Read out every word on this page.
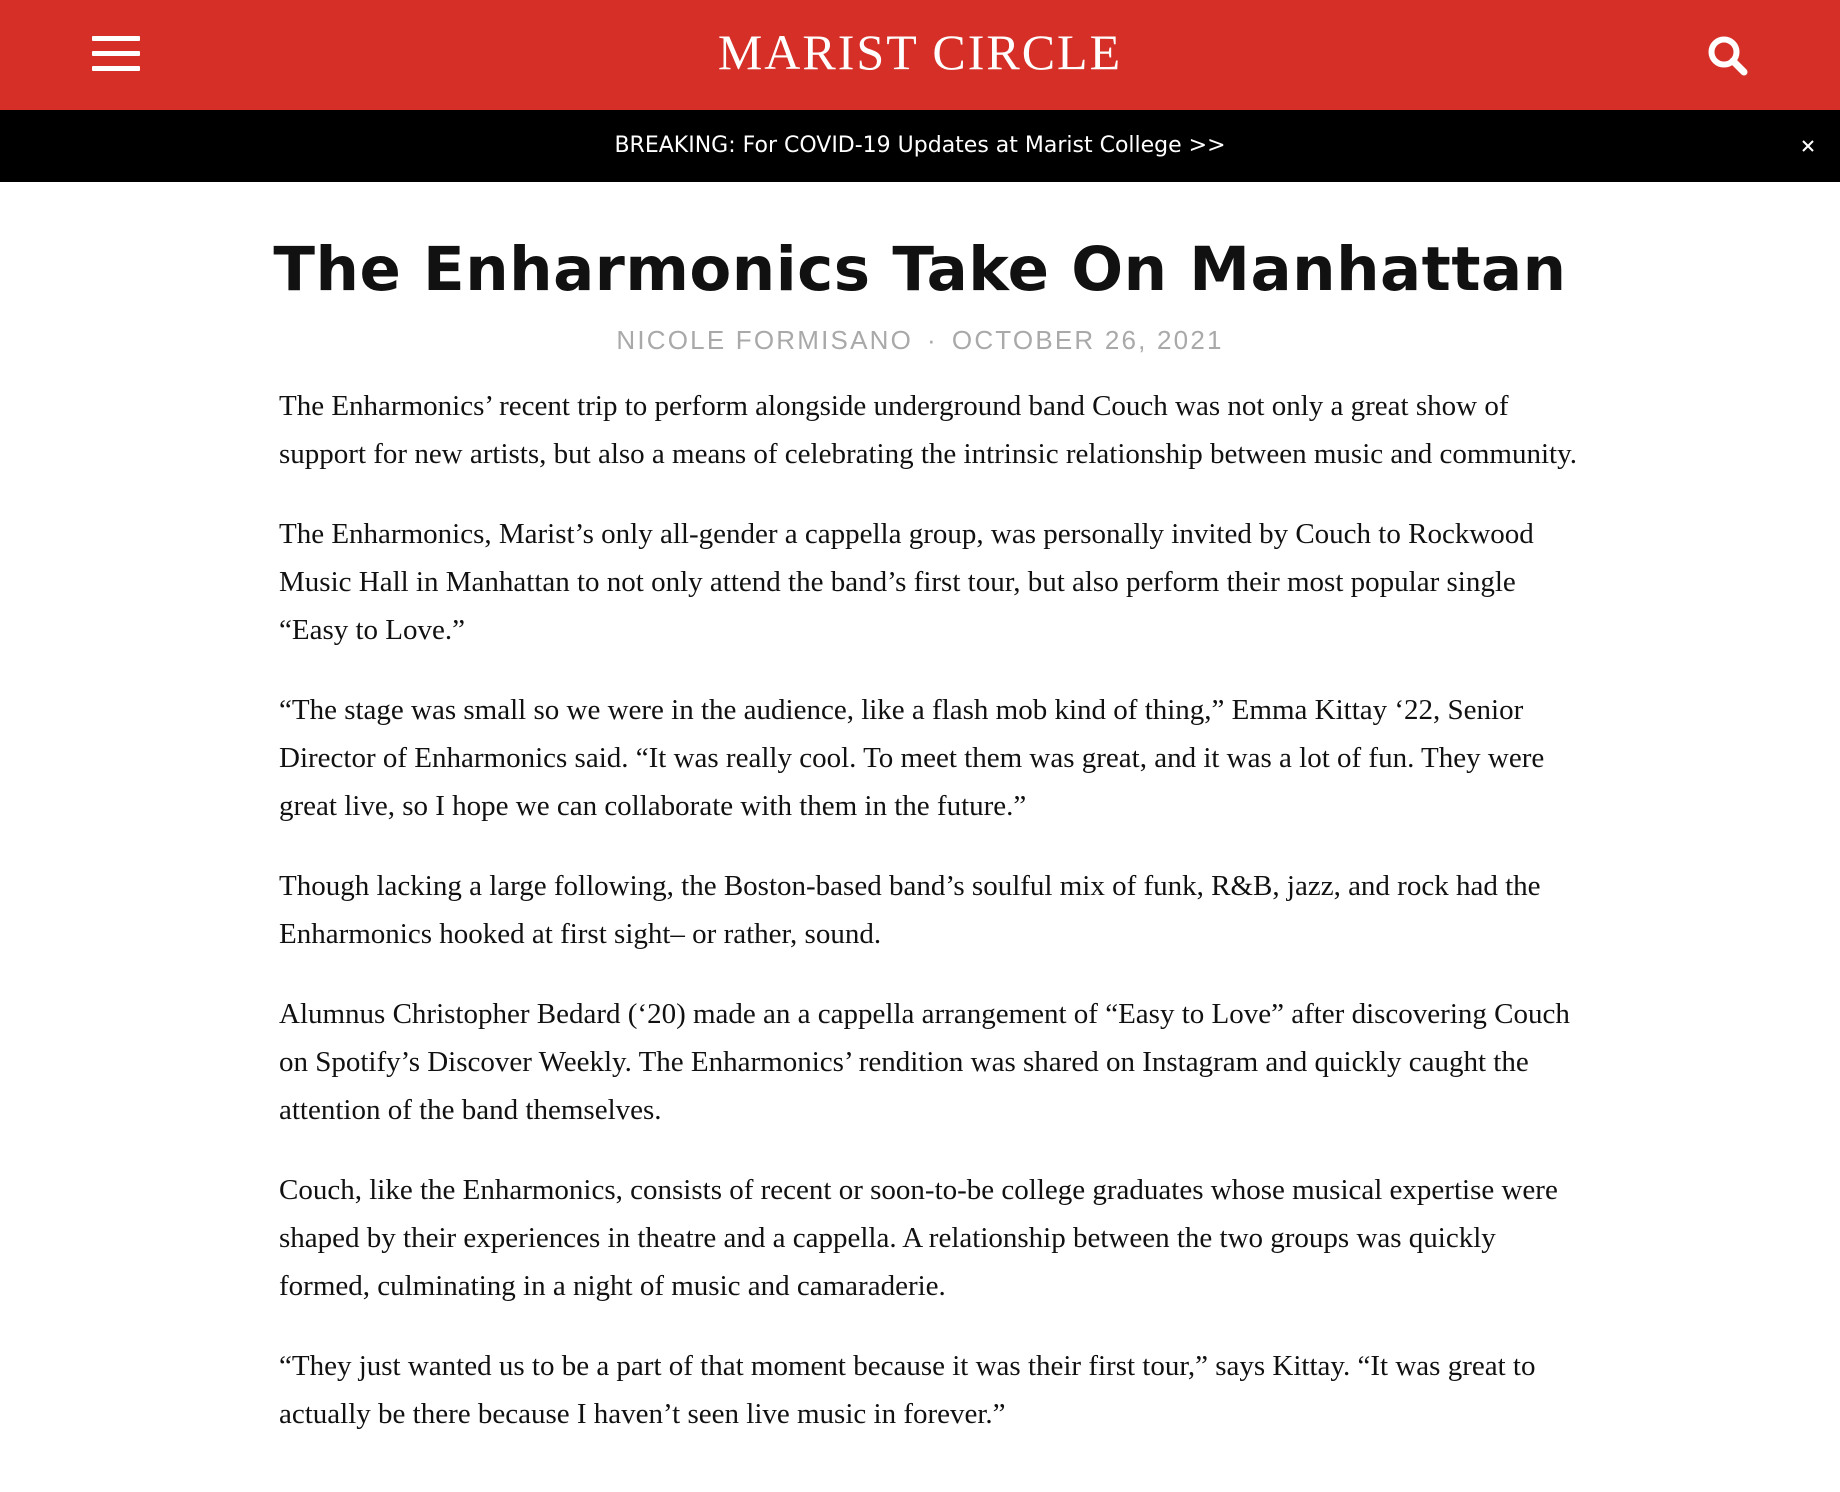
MARIST CIRCLE
BREAKING: For COVID-19 Updates at Marist College >>
The Enharmonics Take On Manhattan
NICOLE FORMISANO · OCTOBER 26, 2021

The Enharmonics’ recent trip to perform alongside underground band Couch was not only a great show of support for new artists, but also a means of celebrating the intrinsic relationship between music and community.

The Enharmonics, Marist’s only all-gender a cappella group, was personally invited by Couch to Rockwood Music Hall in Manhattan to not only attend the band’s first tour, but also perform their most popular single “Easy to Love.”

“The stage was small so we were in the audience, like a flash mob kind of thing,” Emma Kittay ‘22, Senior Director of Enharmonics said. “It was really cool. To meet them was great, and it was a lot of fun. They were great live, so I hope we can collaborate with them in the future.”

Though lacking a large following, the Boston-based band’s soulful mix of funk, R&B, jazz, and rock had the Enharmonics hooked at first sight– or rather, sound.

Alumnus Christopher Bedard (‘20) made an a cappella arrangement of “Easy to Love” after discovering Couch on Spotify’s Discover Weekly. The Enharmonics’ rendition was shared on Instagram and quickly caught the attention of the band themselves.

Couch, like the Enharmonics, consists of recent or soon-to-be college graduates whose musical expertise were shaped by their experiences in theatre and a cappella. A relationship between the two groups was quickly formed, culminating in a night of music and camaraderie.

“They just wanted us to be a part of that moment because it was their first tour,” says Kittay. “It was great to actually be there because I haven’t seen live music in forever.”
